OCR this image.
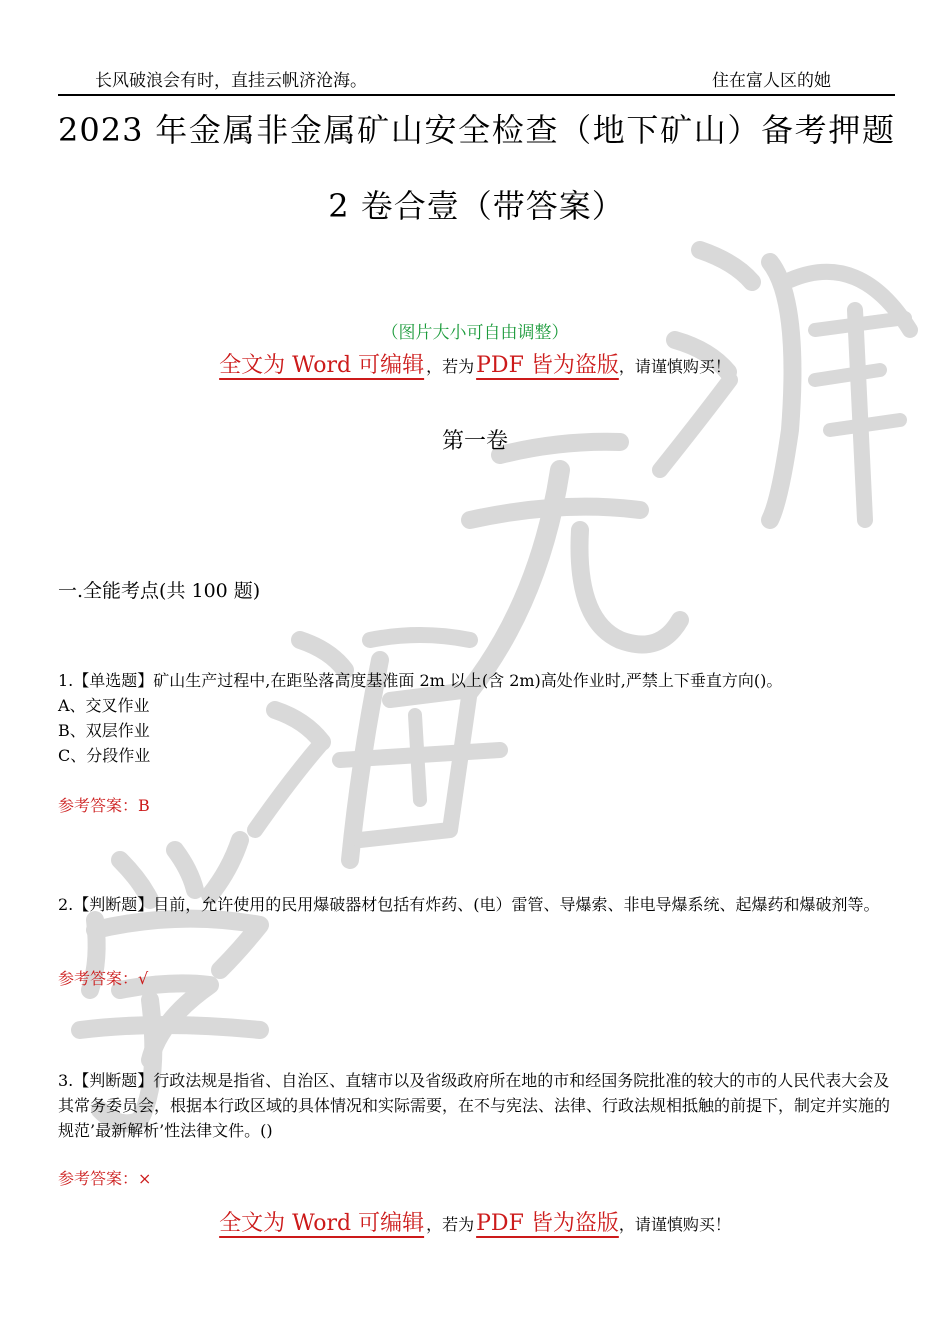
长风破浪会有时，直挂云帆济沧海。	住在富人区的她
2023 年金属非金属矿山安全检查（地下矿山）备考押题 2 卷合壹（带答案）
（图片大小可自由调整）
全文为 Word 可编辑 ，若为PDF 皆为盗版，请谨慎购买！
第一卷
一.全能考点(共 100 题)
1.【单选题】矿山生产过程中,在距坠落高度基准面 2m 以上(含 2m)高处作业时,严禁上下垂直方向()。
A、交叉作业
B、双层作业
C、分段作业
参考答案：B
2.【判断题】目前，允许使用的民用爆破器材包括有炸药、(电）雷管、导爆索、非电导爆系统、起爆药和爆破剂等。
参考答案：√
3.【判断题】行政法规是指省、自治区、直辖市以及省级政府所在地的市和经国务院批准的较大的市的人民代表大会及其常务委员会，根据本行政区域的具体情况和实际需要，在不与宪法、法律、行政法规相抵触的前提下，制定并实施的规范’最新解析’性法律文件。()
参考答案：×
全文为 Word 可编辑 ，若为PDF 皆为盗版，请谨慎购买！
